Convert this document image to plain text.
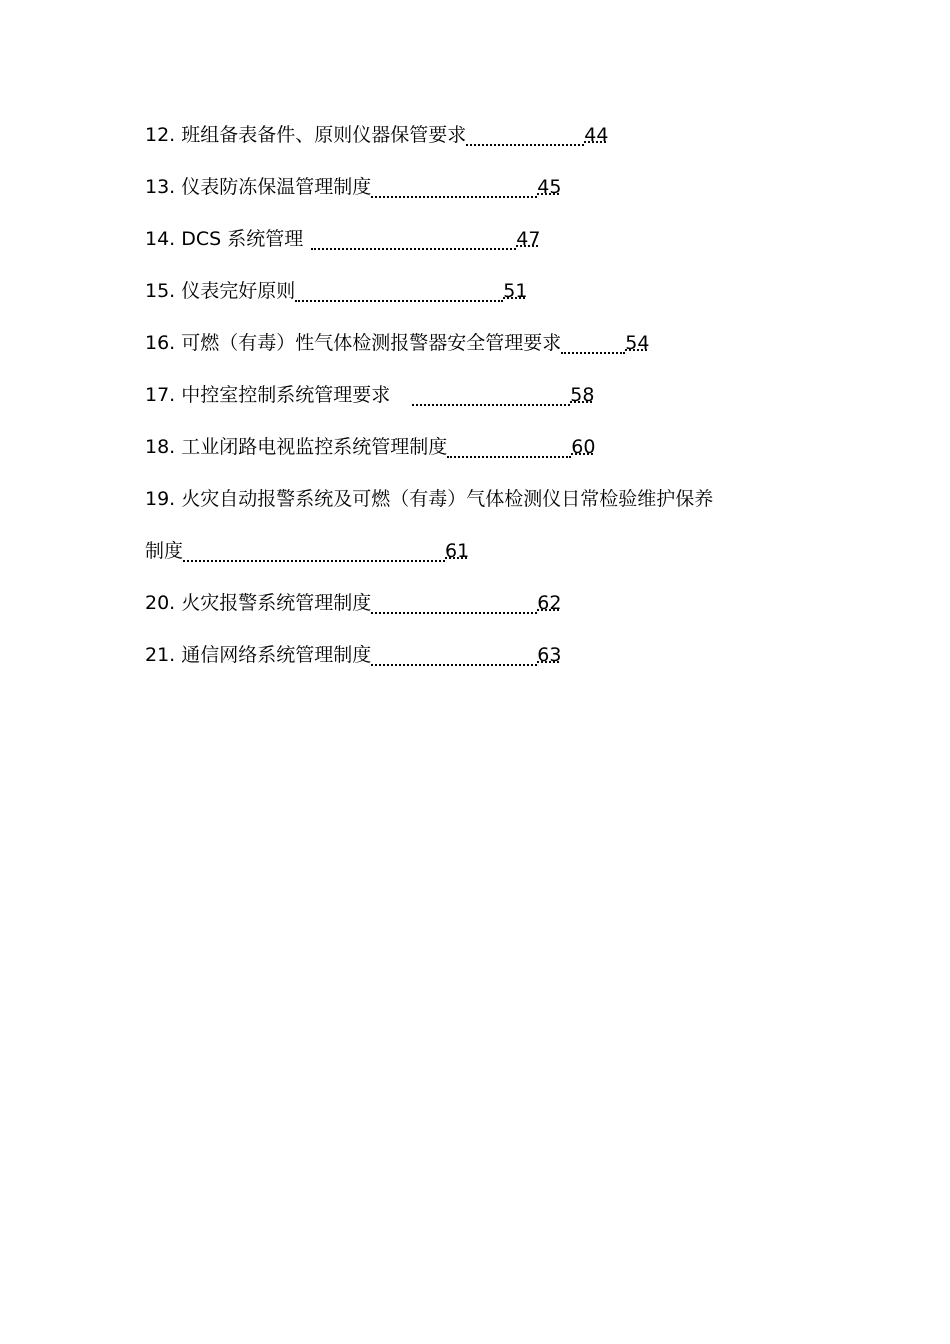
12. 班组备表备件、原则仪器保管要求	44
13. 仪表防冻保温管理制度	45
14. DCS 系统管理	47
15. 仪表完好原则	51
16. 可燃（有毒）性气体检测报警器安全管理要求	54
17. 中控室控制系统管理要求	58
18. 工业闭路电视监控系统管理制度	60
19. 火灾自动报警系统及可燃（有毒）气体检测仪日常检验维护保养
制度	61
20. 火灾报警系统管理制度	62
21. 通信网络系统管理制度	63
